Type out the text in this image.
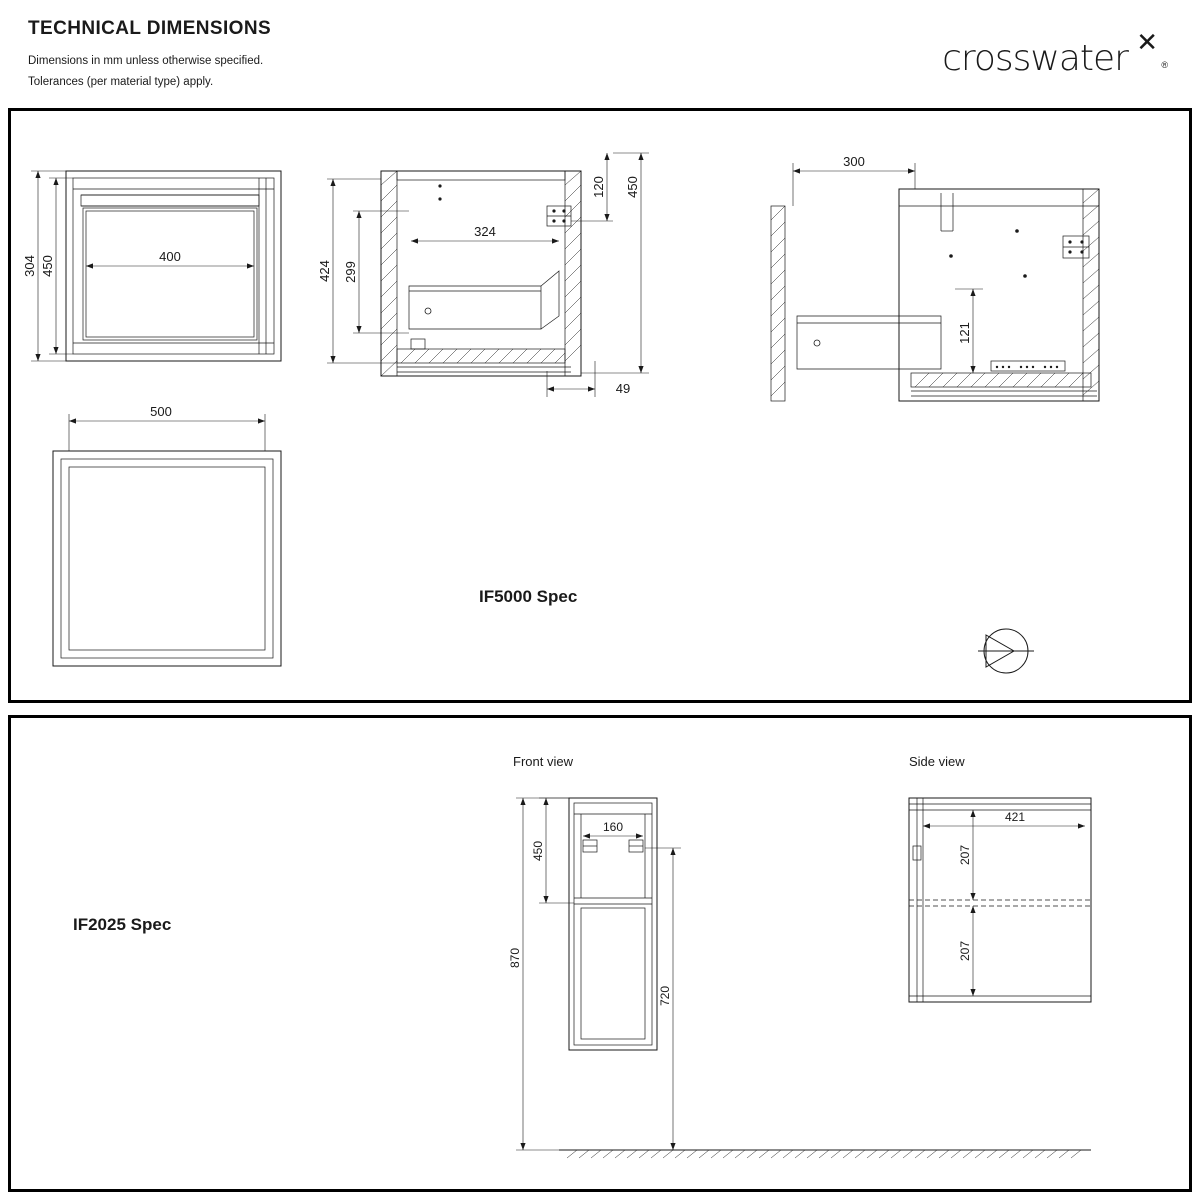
TECHNICAL DIMENSIONS
Dimensions in mm unless otherwise specified.
Tolerances (per material type) apply.
crosswater ✕
®
400
450
304
500
424 299
324
120 450
49
300
121
IF5000 Spec
IF2025 Spec
Front view	Side view
160
450
870
720
421
207
207
